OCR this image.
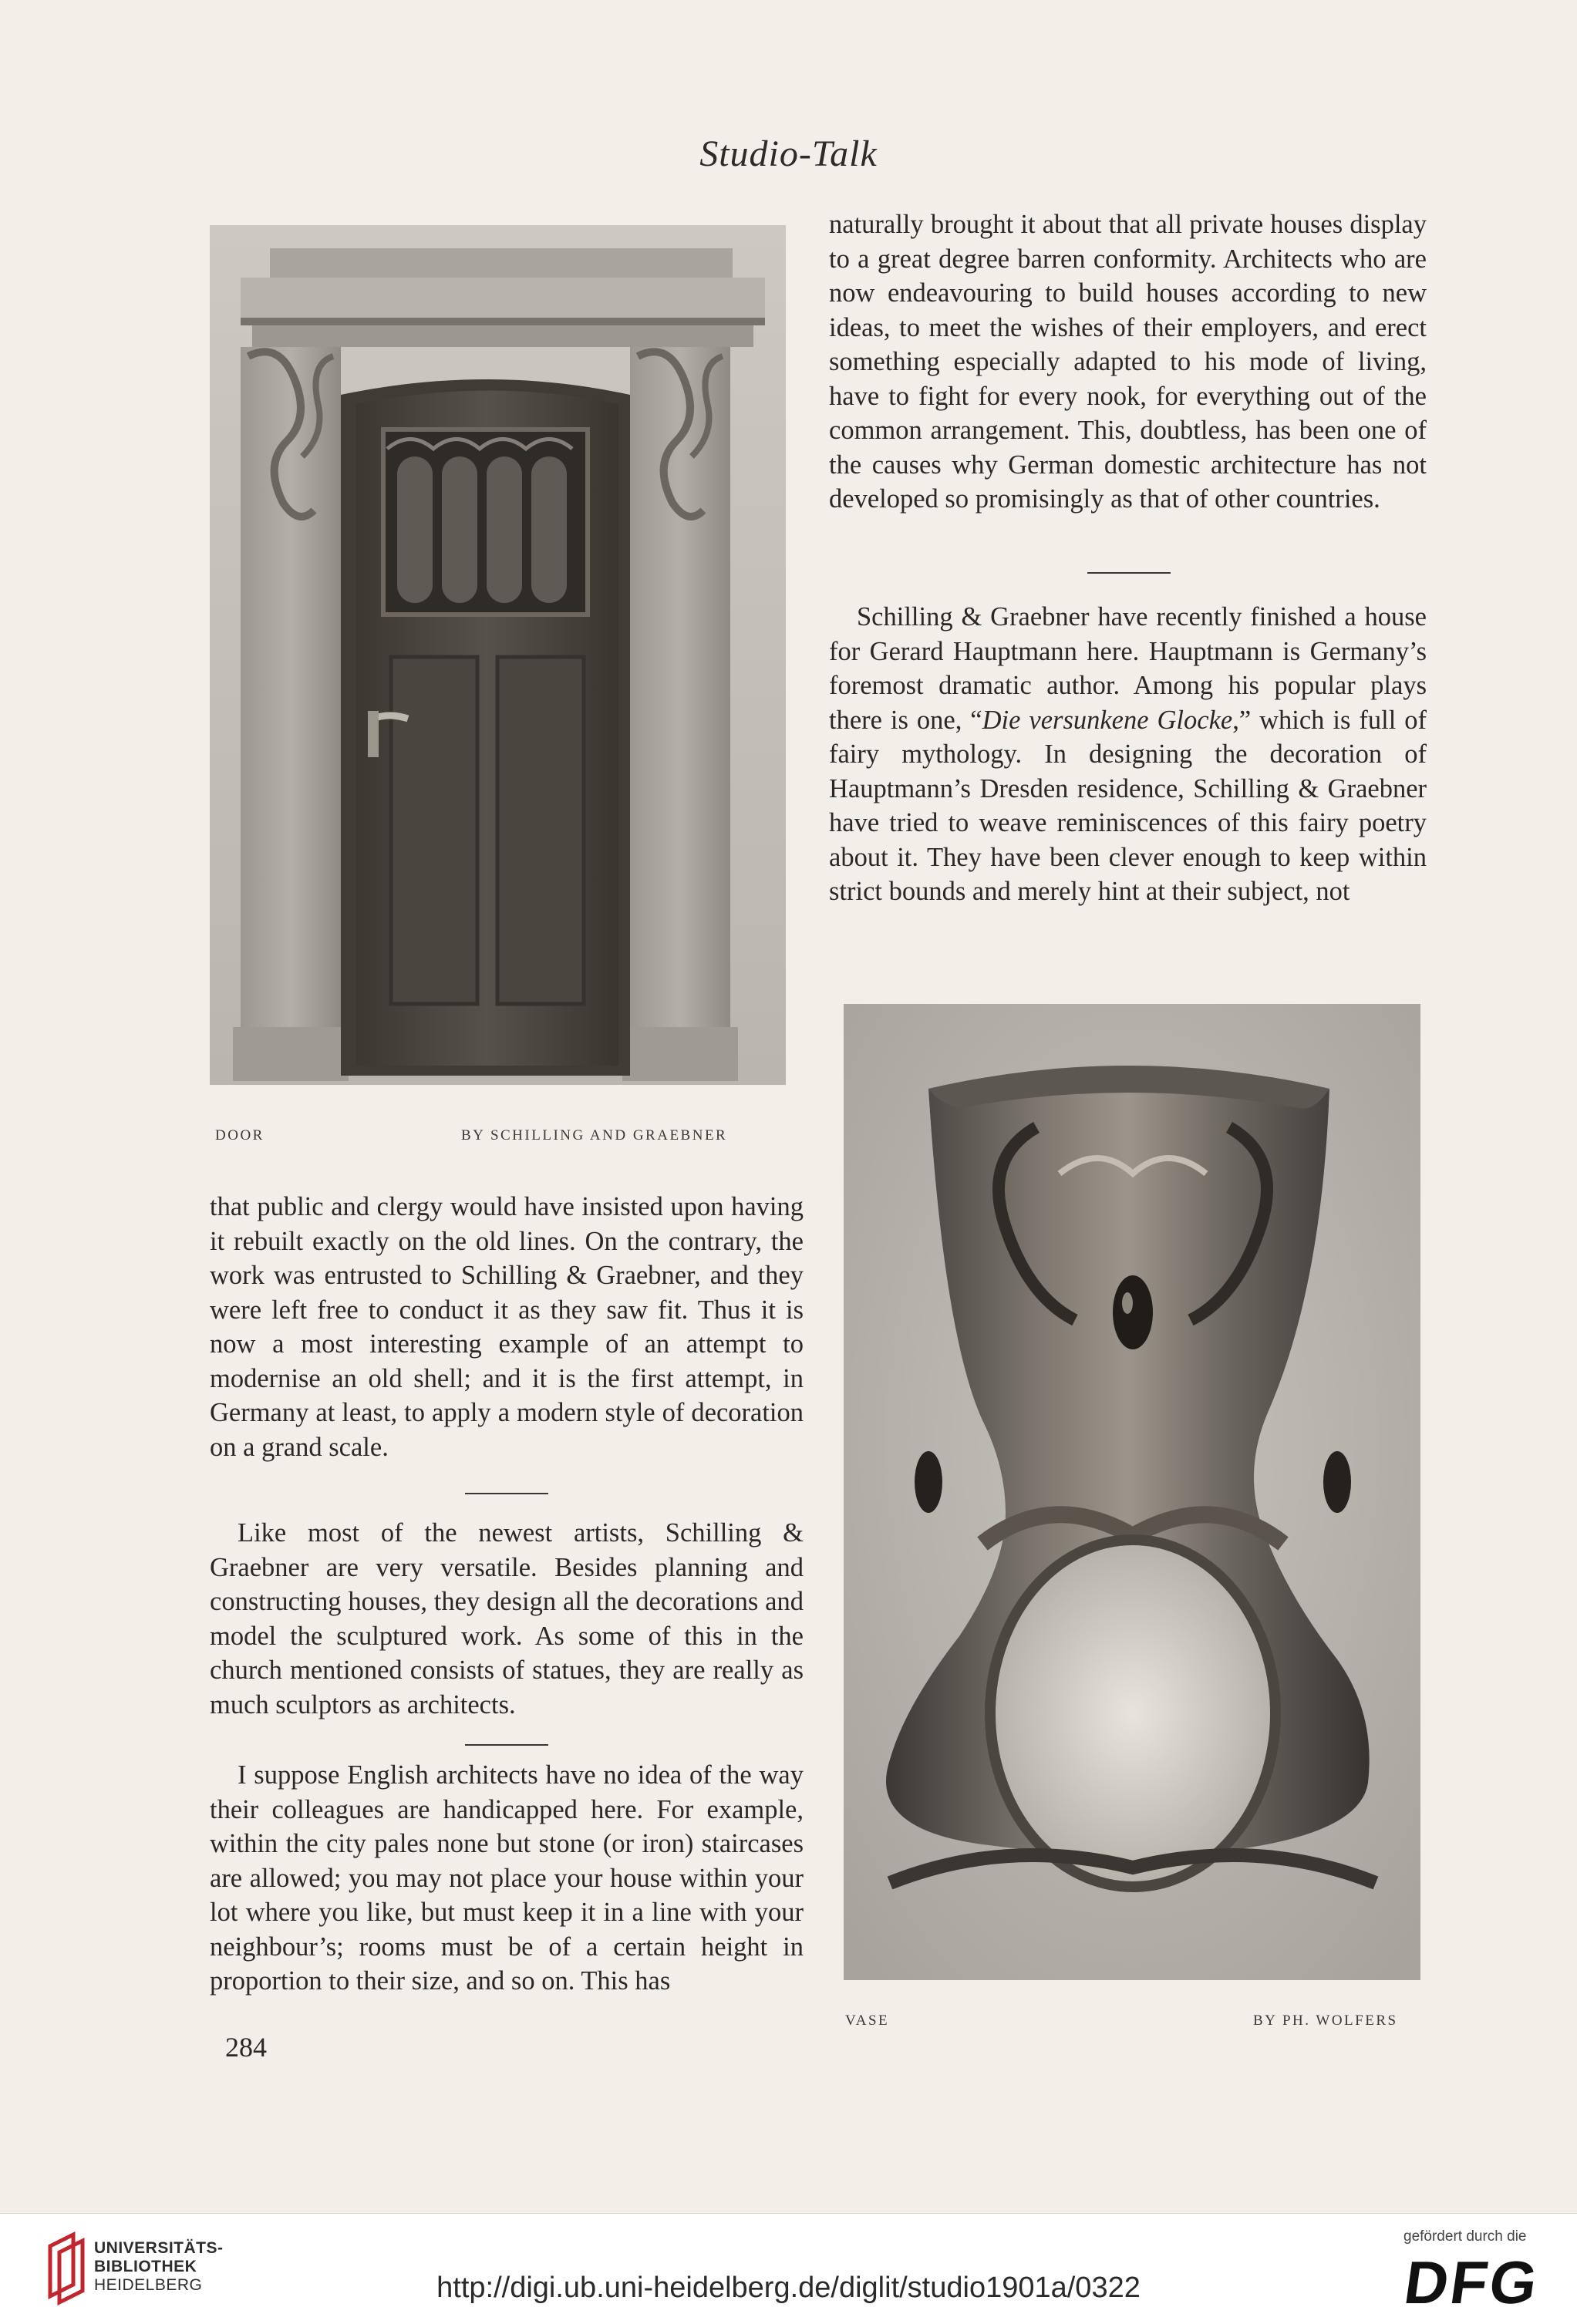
Studio-Talk
DOOR	BY SCHILLING AND GRAEBNER

naturally brought it about that all private houses display to a great degree barren conformity. Architects who are now endeavouring to build houses according to new ideas, to meet the wishes of their employers, and erect something especially adapted to his mode of living, have to fight for every nook, for everything out of the common arrangement. This, doubtless, has been one of the causes why German domestic architecture has not developed so promisingly as that of other countries.

Schilling & Graebner have recently finished a house for Gerard Hauptmann here. Hauptmann is Germany’s foremost dramatic author. Among his popular plays there is one, “Die versunkene Glocke,” which is full of fairy mythology. In designing the decoration of Hauptmann’s Dresden residence, Schilling & Graebner have tried to weave reminiscences of this fairy poetry about it. They have been clever enough to keep within strict bounds and merely hint at their subject, not

VASE	BY PH. WOLFERS

that public and clergy would have insisted upon having it rebuilt exactly on the old lines. On the contrary, the work was entrusted to Schilling & Graebner, and they were left free to conduct it as they saw fit. Thus it is now a most interesting example of an attempt to modernise an old shell; and it is the first attempt, in Germany at least, to apply a modern style of decoration on a grand scale.

Like most of the newest artists, Schilling & Graebner are very versatile. Besides planning and constructing houses, they design all the decorations and model the sculptured work. As some of this in the church mentioned consists of statues, they are really as much sculptors as architects.

I suppose English architects have no idea of the way their colleagues are handicapped here. For example, within the city pales none but stone (or iron) staircases are allowed; you may not place your house within your lot where you like, but must keep it in a line with your neighbour’s; rooms must be of a certain height in proportion to their size, and so on. This has

284
UNIVERSITÄTS-
BIBLIOTHEK
HEIDELBERG	http://digi.ub.uni-heidelberg.de/diglit/studio1901a/0322
gefördert durch die
DFG
